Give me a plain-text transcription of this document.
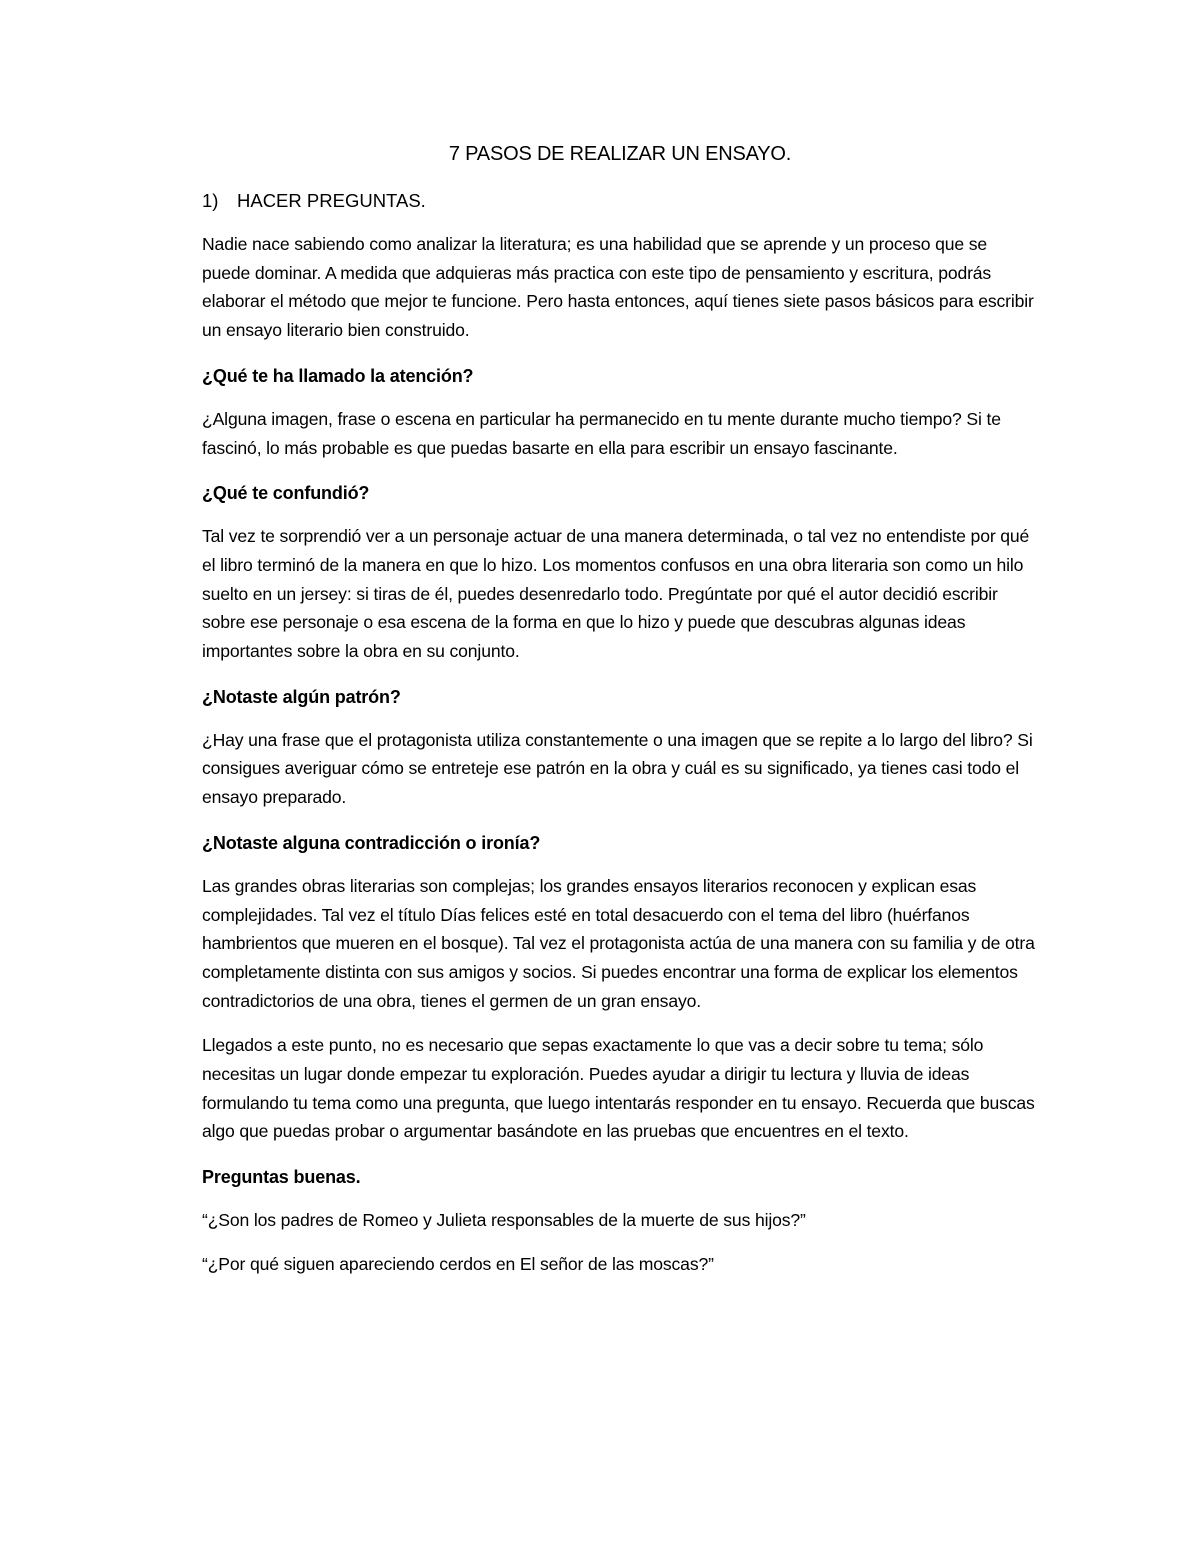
7 PASOS DE REALIZAR UN ENSAYO.
1)	HACER PREGUNTAS.

Nadie nace sabiendo como analizar la literatura; es una habilidad que se aprende y un proceso que se puede dominar. A medida que adquieras más practica con este tipo de pensamiento y escritura, podrás elaborar el método que mejor te funcione. Pero hasta entonces, aquí tienes siete pasos básicos para escribir un ensayo literario bien construido.

¿Qué te ha llamado la atención?

¿Alguna imagen, frase o escena en particular ha permanecido en tu mente durante mucho tiempo? Si te fascinó, lo más probable es que puedas basarte en ella para escribir un ensayo fascinante.

¿Qué te confundió?

Tal vez te sorprendió ver a un personaje actuar de una manera determinada, o tal vez no entendiste por qué el libro terminó de la manera en que lo hizo. Los momentos confusos en una obra literaria son como un hilo suelto en un jersey: si tiras de él, puedes desenredarlo todo. Pregúntate por qué el autor decidió escribir sobre ese personaje o esa escena de la forma en que lo hizo y puede que descubras algunas ideas importantes sobre la obra en su conjunto.

¿Notaste algún patrón?

¿Hay una frase que el protagonista utiliza constantemente o una imagen que se repite a lo largo del libro? Si consigues averiguar cómo se entreteje ese patrón en la obra y cuál es su significado, ya tienes casi todo el ensayo preparado.

¿Notaste alguna contradicción o ironía?

Las grandes obras literarias son complejas; los grandes ensayos literarios reconocen y explican esas complejidades. Tal vez el título Días felices esté en total desacuerdo con el tema del libro (huérfanos hambrientos que mueren en el bosque). Tal vez el protagonista actúa de una manera con su familia y de otra completamente distinta con sus amigos y socios. Si puedes encontrar una forma de explicar los elementos contradictorios de una obra, tienes el germen de un gran ensayo.

Llegados a este punto, no es necesario que sepas exactamente lo que vas a decir sobre tu tema; sólo necesitas un lugar donde empezar tu exploración. Puedes ayudar a dirigir tu lectura y lluvia de ideas formulando tu tema como una pregunta, que luego intentarás responder en tu ensayo. Recuerda que buscas algo que puedas probar o argumentar basándote en las pruebas que encuentres en el texto.

Preguntas buenas.

“¿Son los padres de Romeo y Julieta responsables de la muerte de sus hijos?”

“¿Por qué siguen apareciendo cerdos en El señor de las moscas?”
